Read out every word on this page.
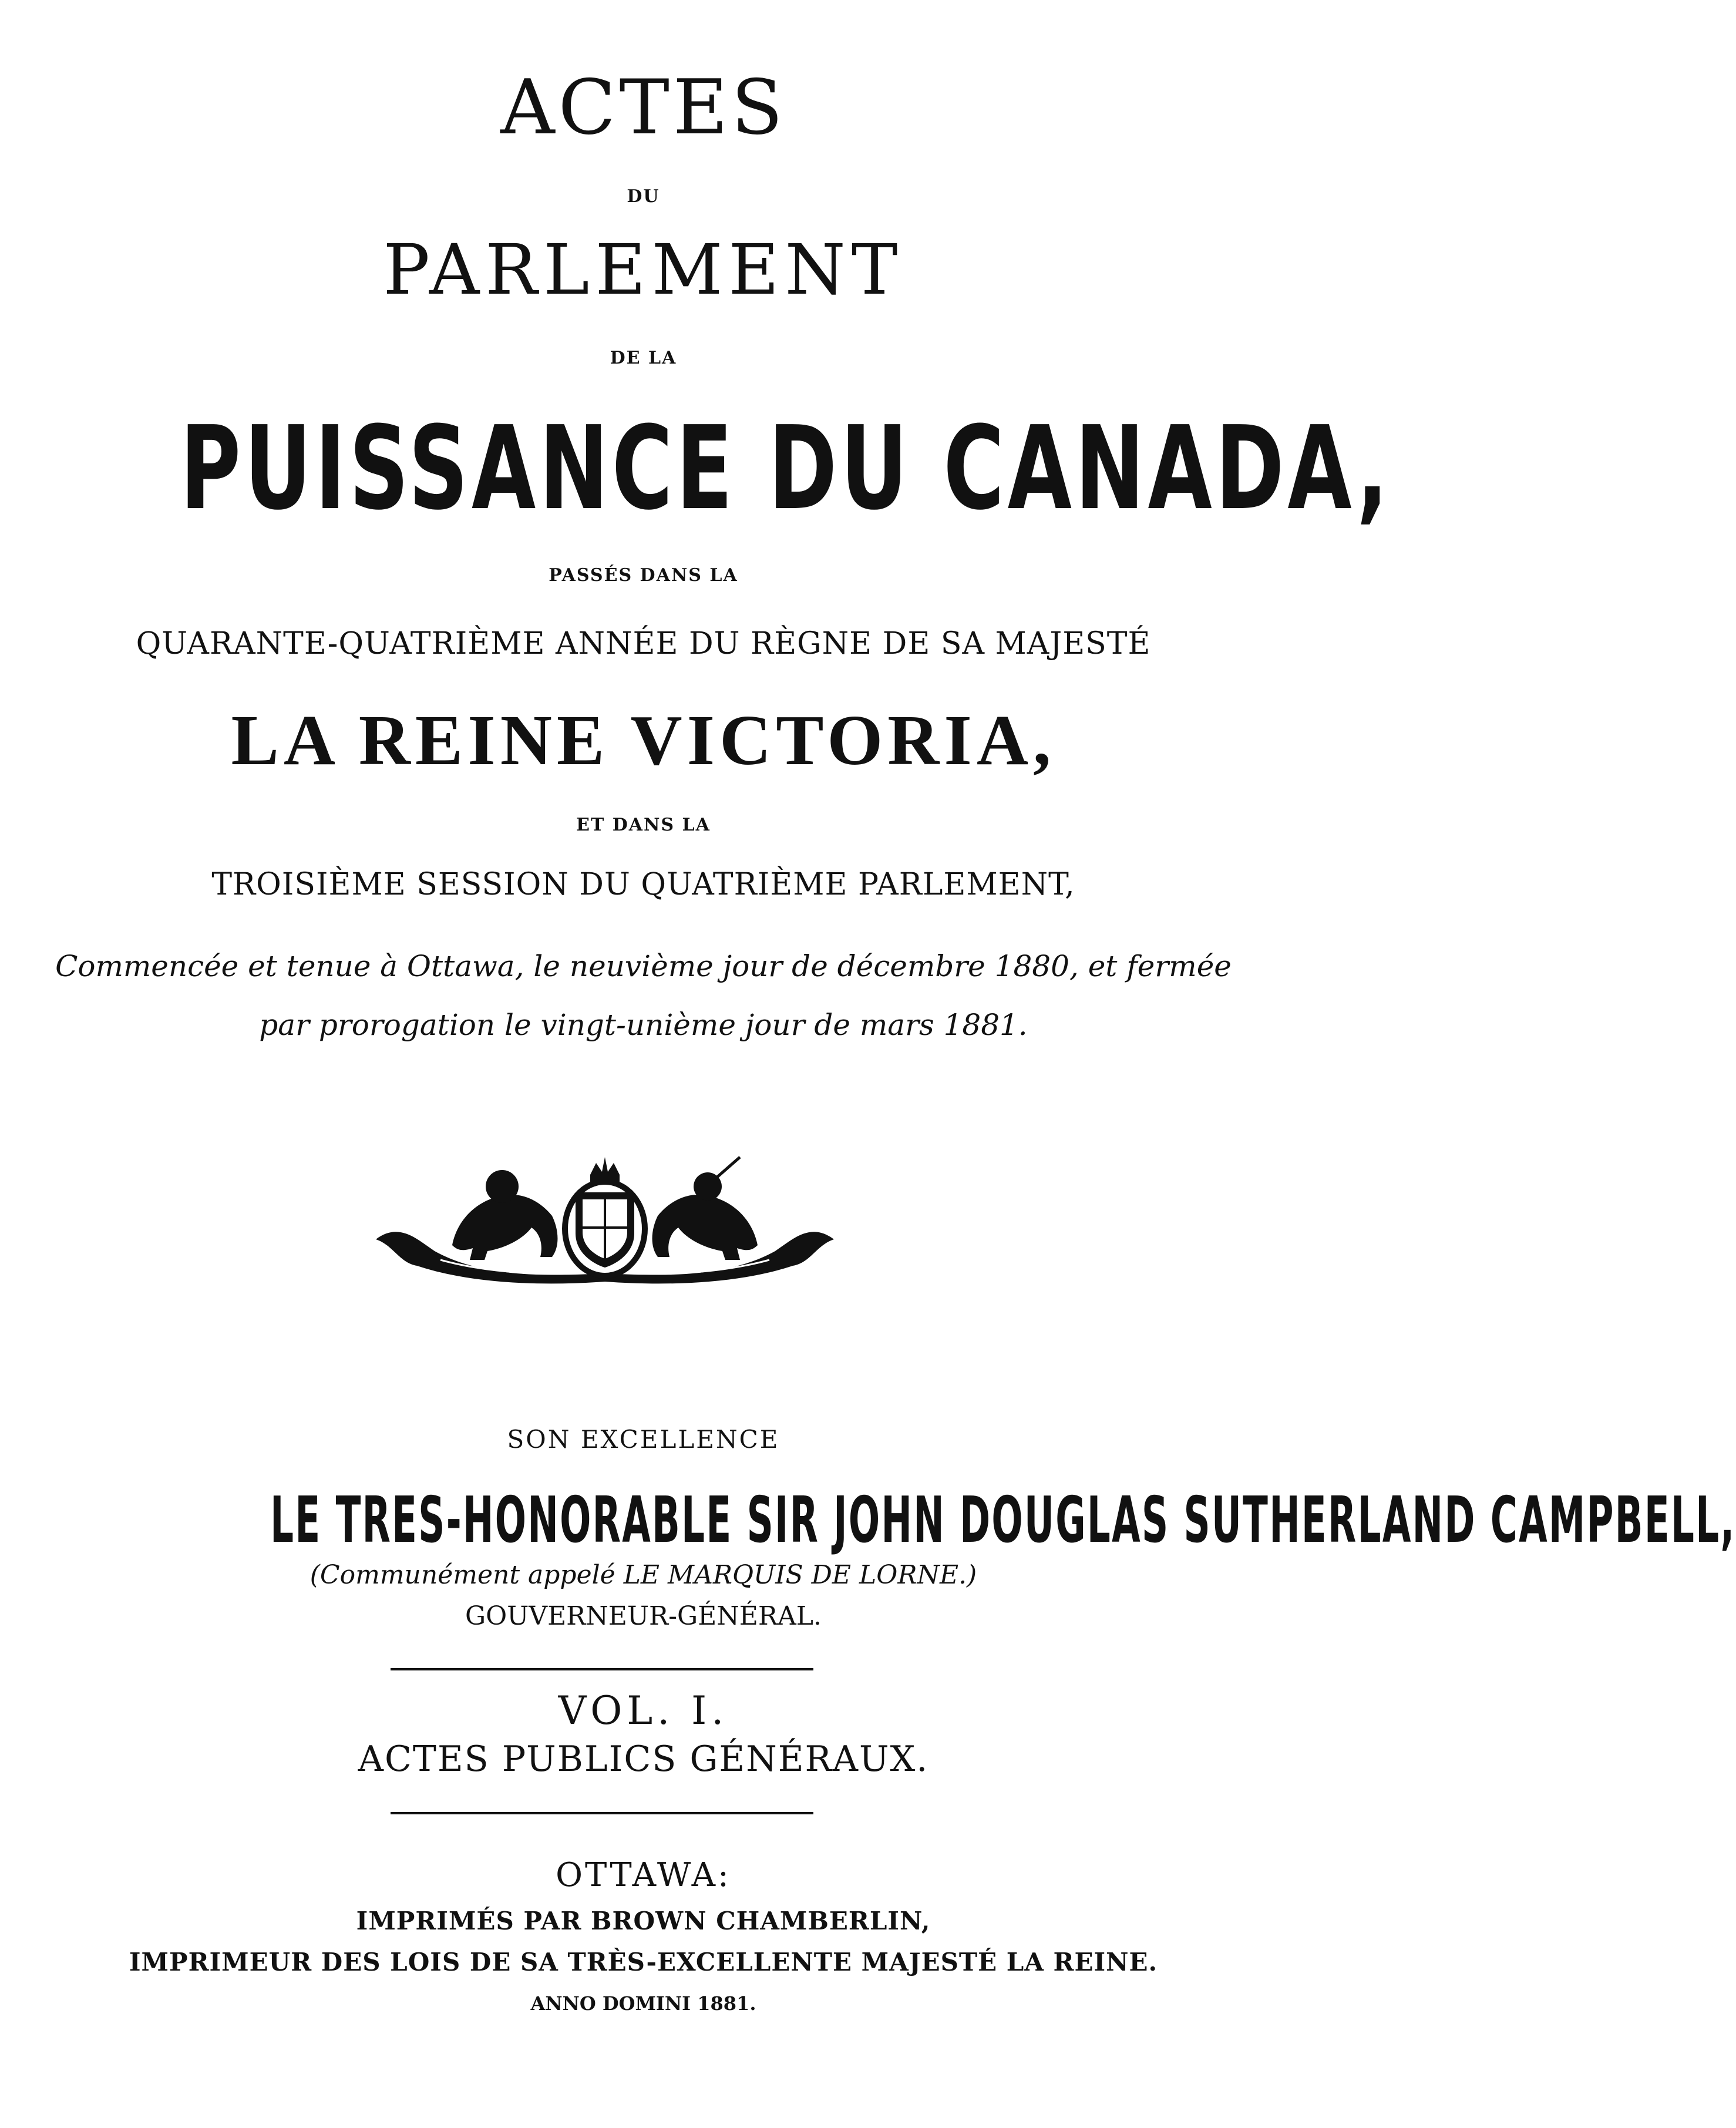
ACTES

DU

PARLEMENT

DE LA

PUISSANCE DU CANADA,

PASSÉS DANS LA

QUARANTE-QUATRIÈME ANNÉE DU RÈGNE DE SA MAJESTÉ

LA REINE VICTORIA,

ET DANS LA

TROISIÈME SESSION DU QUATRIÈME PARLEMENT,

Commencée et tenue à Ottawa, le neuvième jour de décembre 1880, et fermée

par prorogation le vingt-unième jour de mars 1881.

SON EXCELLENCE

LE TRES-HONORABLE SIR JOHN DOUGLAS SUTHERLAND CAMPBELL,

(Communément appelé LE MARQUIS DE LORNE.)

GOUVERNEUR-GÉNÉRAL.

VOL. I.

ACTES PUBLICS GÉNÉRAUX.

OTTAWA:

IMPRIMÉS PAR BROWN CHAMBERLIN,

IMPRIMEUR DES LOIS DE SA TRÈS-EXCELLENTE MAJESTÉ LA REINE.

ANNO DOMINI 1881.
